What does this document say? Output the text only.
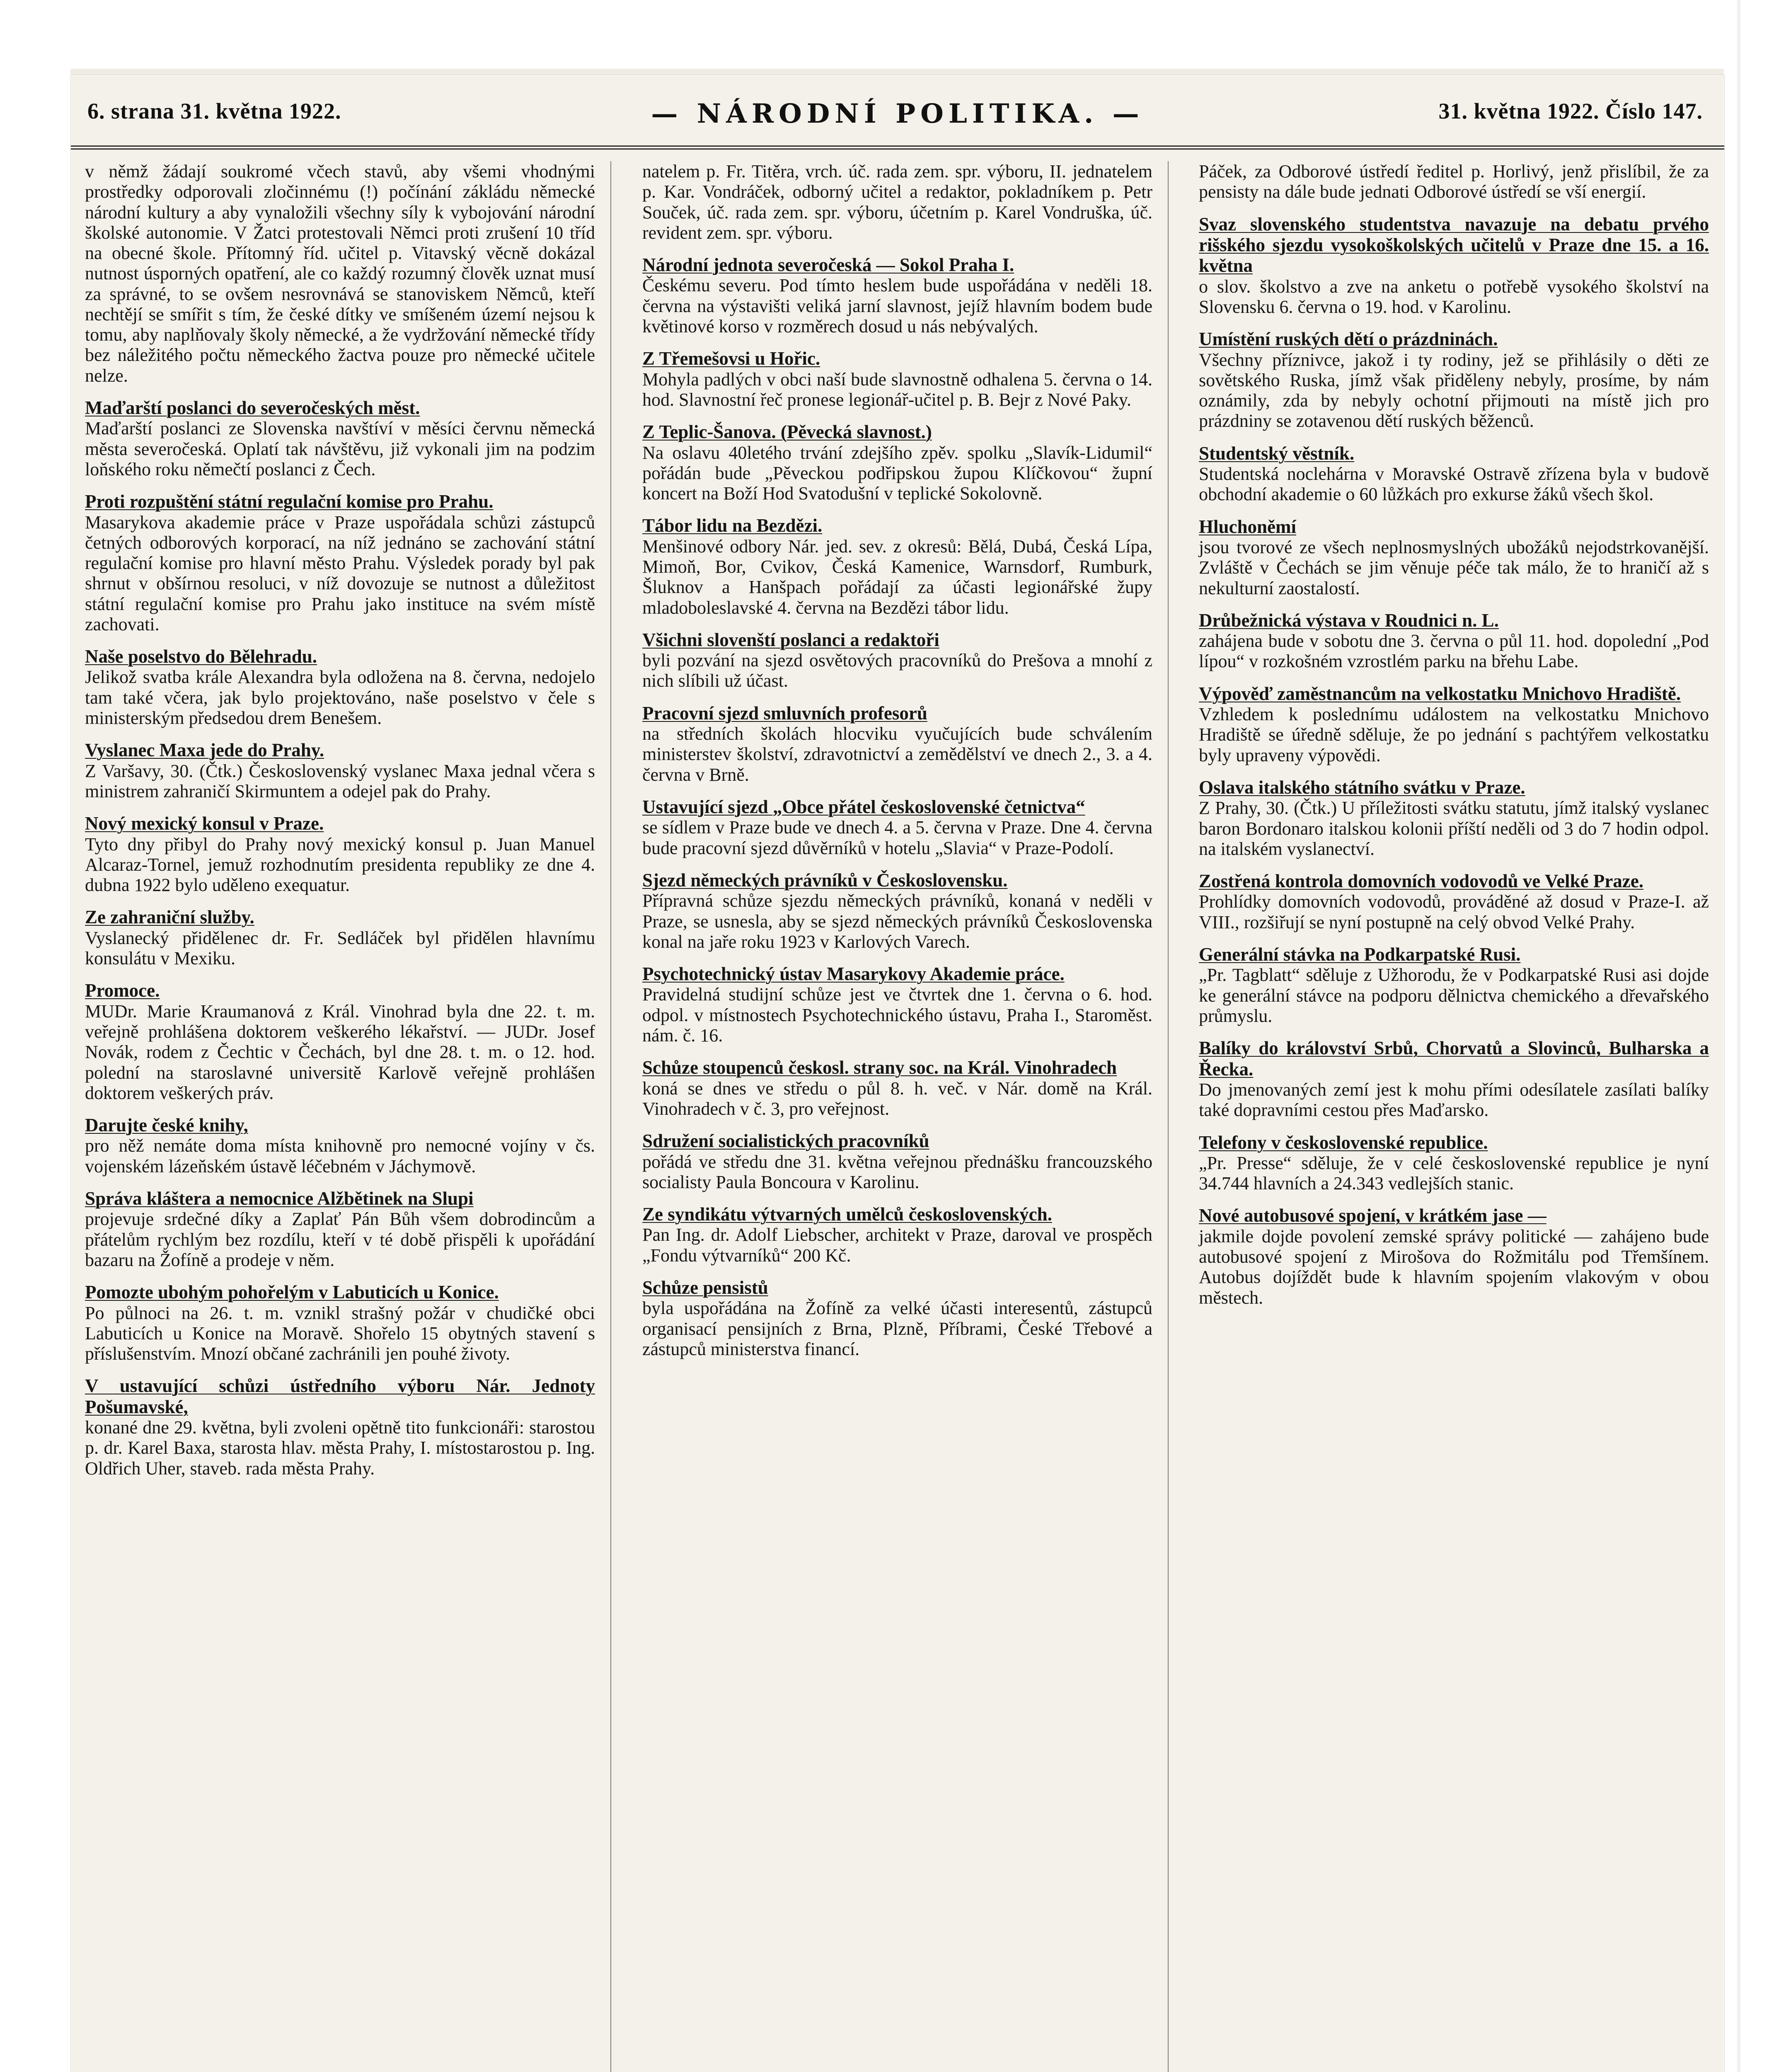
6. strana 31. května 1922.	— NÁRODNÍ POLITIKA. —	31. května 1922. Číslo 147.
v němž žádají soukromé včech stavů, aby všemi vhodnými prostředky odporovali zločinnému (!) počínání zákládu německé národní kultury a aby vynaložili všechny síly k vybojování národní školské autonomie. V Žatci protestovali Němci proti zrušení 10 tříd na obecné škole. Přítomný říd. učitel p. Vitavský věcně dokázal nutnost úsporných opatření, ale co každý rozumný člověk uznat musí za správné, to se ovšem nesrovnává se stanoviskem Němců, kteří nechtějí se smířit s tím, že české dítky ve smíšeném území nejsou k tomu, aby naplňovaly školy německé, a že vydržování německé třídy bez náležitého počtu německého žactva pouze pro německé učitele nelze.
Maďarští poslanci do severočeských měst.
Maďarští poslanci ze Slovenska navštíví v měsíci červnu německá města severočeská. Oplatí tak návštěvu, již vykonali jim na podzim loňského roku němečtí poslanci z Čech.
Proti rozpuštění státní regulační komise pro Prahu.
Masarykova akademie práce v Praze uspořádala schůzi zástupců četných odborových korporací, na níž jednáno se zachování státní regulační komise pro hlavní město Prahu. Výsledek porady byl pak shrnut v obšírnou resoluci, v níž dovozuje se nutnost a důležitost státní regulační komise pro Prahu jako instituce na svém místě zachovati.
Naše poselstvo do Bělehradu.
Jelikož svatba krále Alexandra byla odložena na 8. června, nedojelo tam také včera, jak bylo projektováno, naše poselstvo v čele s ministerským předsedou drem Benešem.
Vyslanec Maxa jede do Prahy.
Z Varšavy, 30. (Čtk.) Československý vyslanec Maxa jednal včera s ministrem zahraničí Skirmuntem a odejel pak do Prahy.
Nový mexický konsul v Praze.
Tyto dny přibyl do Prahy nový mexický konsul p. Juan Manuel Alcaraz-Tornel, jemuž rozhodnutím presidenta republiky ze dne 4. dubna 1922 bylo uděleno exequatur.
Ze zahraniční služby.
Vyslanecký přidělenec dr. Fr. Sedláček byl přidělen hlavnímu konsulátu v Mexiku.
Promoce.
MUDr. Marie Kraumanová z Král. Vinohrad byla dne 22. t. m. veřejně prohlášena doktorem veškerého lékařství. — JUDr. Josef Novák, rodem z Čechtic v Čechách, byl dne 28. t. m. o 12. hod. polední na staroslavné universitě Karlově veřejně prohlášen doktorem veškerých práv.
Darujte české knihy,
pro něž nemáte doma místa knihovně pro nemocné vojíny v čs. vojenském lázeňském ústavě léčebném v Jáchymově.
Správa kláštera a nemocnice Alžbětinek na Slupi
projevuje srdečné díky a Zaplať Pán Bůh všem dobrodincům a přátelům rychlým bez rozdílu, kteří v té době přispěli k upořádání bazaru na Žofíně a prodeje v něm.
Pomozte ubohým pohořelým v Labuticích u Konice.
Po půlnoci na 26. t. m. vznikl strašný požár v chudičké obci Labuticích u Konice na Moravě. Shořelo 15 obytných stavení s příslušenstvím. Mnozí občané zachránili jen pouhé životy.
V ustavující schůzi ústředního výboru Nár. Jednoty Pošumavské,
konané dne 29. května, byli zvoleni opětně tito funkcionáři: starostou p. dr. Karel Baxa, starosta hlav. města Prahy, I. místostarostou p. Ing. Oldřich Uher, staveb. rada města Prahy.
natelem p. Fr. Titěra, vrch. úč. rada zem. spr. výboru, II. jednatelem p. Kar. Vondráček, odborný učitel a redaktor, pokladníkem p. Petr Souček, úč. rada zem. spr. výboru, účetním p. Karel Vondruška, úč. revident zem. spr. výboru.
Národní jednota severočeská — Sokol Praha I.
Českému severu. Pod tímto heslem bude uspořádána v neděli 18. června na výstavišti veliká jarní slavnost, jejíž hlavním bodem bude květinové korso v rozměrech dosud u nás nebývalých.
Z Třemešovsi u Hořic.
Mohyla padlých v obci naší bude slavnostně odhalena 5. června o 14. hod. Slavnostní řeč pronese legionář-učitel p. B. Bejr z Nové Paky.
Z Teplic-Šanova. (Pěvecká slavnost.)
Na oslavu 40letého trvání zdejšího zpěv. spolku „Slavík-Lidumil“ pořádán bude „Pěveckou podřipskou župou Klíčkovou“ župní koncert na Boží Hod Svatodušní v teplické Sokolovně.
Tábor lidu na Bezdězi.
Menšinové odbory Nár. jed. sev. z okresů: Bělá, Dubá, Česká Lípa, Mimoň, Bor, Cvikov, Česká Kamenice, Warnsdorf, Rumburk, Šluknov a Hanšpach pořádají za účasti legionářské župy mladoboleslavské 4. června na Bezdězi tábor lidu.
Všichni slovenští poslanci a redaktoři
byli pozvání na sjezd osvětových pracovníků do Prešova a mnohí z nich slíbili už účast.
Pracovní sjezd smluvních profesorů
na středních školách hlocviku vyučujících bude schválením ministerstev školství, zdravotnictví a zemědělství ve dnech 2., 3. a 4. června v Brně.
Ustavující sjezd „Obce přátel československé četnictva“
se sídlem v Praze bude ve dnech 4. a 5. června v Praze. Dne 4. června bude pracovní sjezd důvěrníků v hotelu „Slavia“ v Praze-Podolí.
Sjezd německých právníků v Československu.
Přípravná schůze sjezdu německých právníků, konaná v neděli v Praze, se usnesla, aby se sjezd německých právníků Československa konal na jaře roku 1923 v Karlových Varech.
Psychotechnický ústav Masarykovy Akademie práce.
Pravidelná studijní schůze jest ve čtvrtek dne 1. června o 6. hod. odpol. v místnostech Psychotechnického ústavu, Praha I., Staroměst. nám. č. 16.
Schůze stoupenců českosl. strany soc. na Král. Vinohradech
koná se dnes ve středu o půl 8. h. več. v Nár. domě na Král. Vinohradech v č. 3, pro veřejnost.
Sdružení socialistických pracovníků
pořádá ve středu dne 31. května veřejnou přednášku francouzského socialisty Paula Boncoura v Karolinu.
Ze syndikátu výtvarných umělců československých.
Pan Ing. dr. Adolf Liebscher, architekt v Praze, daroval ve prospěch „Fondu výtvarníků“ 200 Kč.
Schůze pensistů
byla uspořádána na Žofíně za velké účasti interesentů, zástupců organisací pensijních z Brna, Plzně, Příbrami, České Třebové a zástupců ministerstva financí.
Páček, za Odborové ústředí ředitel p. Horlivý, jenž přislíbil, že za pensisty na dále bude jednati Odborové ústředí se vší energií.
Svaz slovenského studentstva navazuje na debatu prvého rišského sjezdu vysokoškolských učitelů v Praze dne 15. a 16. května
o slov. školstvo a zve na anketu o potřebě vysokého školství na Slovensku 6. června o 19. hod. v Karolinu.
Umístění ruských dětí o prázdninách.
Všechny příznivce, jakož i ty rodiny, jež se přihlásily o děti ze sovětského Ruska, jímž však přiděleny nebyly, prosíme, by nám oznámily, zda by nebyly ochotní přijmouti na místě jich pro prázdniny se zotavenou dětí ruských běženců.
Studentský věstník.
Studentská noclehárna v Moravské Ostravě zřízena byla v budově obchodní akademie o 60 lůžkách pro exkurse žáků všech škol.
Hluchoněmí
jsou tvorové ze všech neplnosmyslných ubožáků nejodstrkovanější. Zvláště v Čechách se jim věnuje péče tak málo, že to hraničí až s nekulturní zaostalostí.
Drůbežnická výstava v Roudnici n. L.
zahájena bude v sobotu dne 3. června o půl 11. hod. dopolední „Pod lípou“ v rozkošném vzrostlém parku na břehu Labe.
Výpověď zaměstnancům na velkostatku Mnichovo Hradiště.
Vzhledem k poslednímu událostem na velkostatku Mnichovo Hradiště se úředně sděluje, že po jednání s pachtýřem velkostatku byly upraveny výpovědi.
Oslava italského státního svátku v Praze.
Z Prahy, 30. (Čtk.) U příležitosti svátku statutu, jímž italský vyslanec baron Bordonaro italskou kolonii příští neděli od 3 do 7 hodin odpol. na italském vyslanectví.
Zostřená kontrola domovních vodovodů ve Velké Praze.
Prohlídky domovních vodovodů, prováděné až dosud v Praze-I. až VIII., rozšiřují se nyní postupně na celý obvod Velké Prahy.
Generální stávka na Podkarpatské Rusi.
„Pr. Tagblatt“ sděluje z Užhorodu, že v Podkarpatské Rusi asi dojde ke generální stávce na podporu dělnictva chemického a dřevařského průmyslu.
Balíky do království Srbů, Chorvatů a Slovinců, Bulharska a Řecka.
Do jmenovaných zemí jest k mohu přími odesílatele zasílati balíky také dopravními cestou přes Maďarsko.
Telefony v československé republice.
„Pr. Presse“ sděluje, že v celé československé republice je nyní 34.744 hlavních a 24.343 vedlejších stanic.
Nové autobusové spojení, v krátkém jase —
jakmile dojde povolení zemské správy politické — zahájeno bude autobusové spojení z Mirošova do Rožmitálu pod Třemšínem. Autobus dojíždět bude k hlavním spojením vlakovým v obou městech.
